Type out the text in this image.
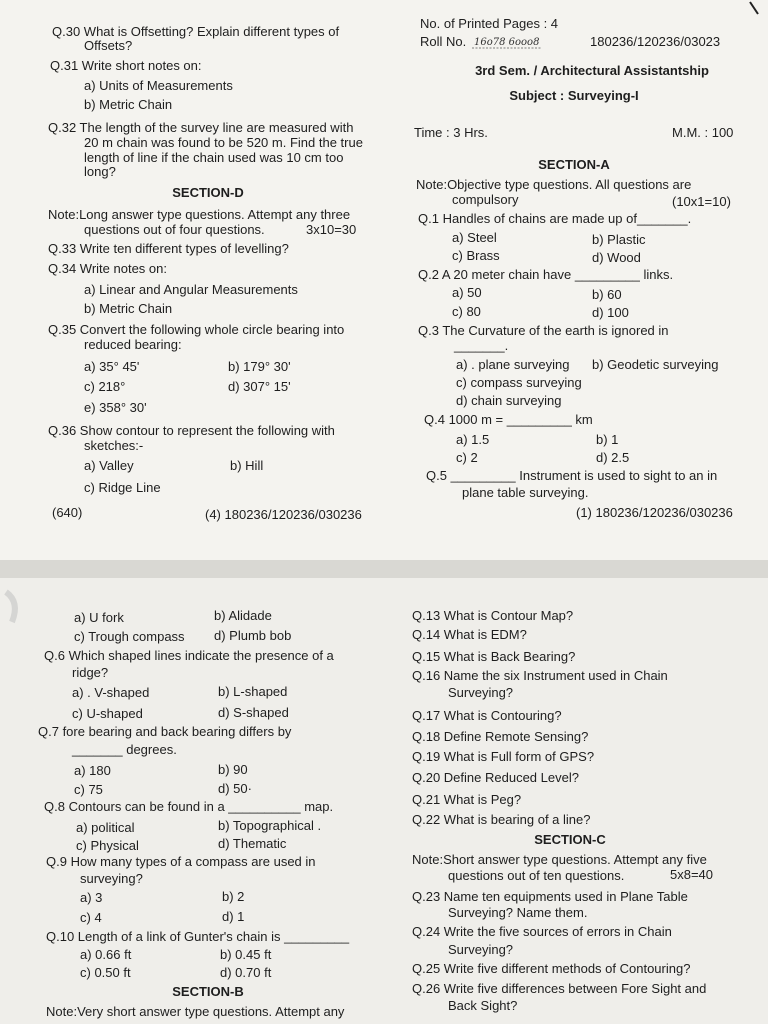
Q.30 What is Offsetting? Explain different types of
Offsets?
Q.31 Write short notes on:
a) Units of Measurements
b) Metric Chain
Q.32 The length of the survey line are measured with
20 m chain was found to be 520 m. Find the true
length of line if the chain used was 10 cm too
long?
SECTION-D
Note:Long answer type questions. Attempt any three
questions out of four questions.	3x10=30
Q.33 Write ten different types of levelling?
Q.34 Write notes on:
a) Linear and Angular Measurements
b) Metric Chain
Q.35 Convert the following whole circle bearing into
reduced bearing:
a) 35° 45'	b) 179° 30'
c) 218°	d) 307° 15'
e) 358° 30'
Q.36 Show contour to represent the following with
sketches:-
a) Valley	b) Hill
c) Ridge Line
(640)	(4) 180236/120236/030236
No. of Printed Pages : 4
Roll No. 16o78 6ooo8	180236/120236/03023
3rd Sem. / Architectural Assistantship
Subject : Surveying-I
Time : 3 Hrs.	M.M. : 100
SECTION-A
Note:Objective type questions. All questions are
compulsory	(10x1=10)
Q.1 Handles of chains are made up of_______.
a) Steel	b) Plastic
c) Brass	d) Wood
Q.2 A 20 meter chain have _________ links.
a) 50	b) 60
c) 80	d) 100
Q.3 The Curvature of the earth is ignored in
_______.
a) . plane surveying b) Geodetic surveying
c) compass surveying
d) chain surveying
Q.4 1000 m = _________ km
a) 1.5	b) 1
c) 2	d) 2.5
Q.5 _________ Instrument is used to sight to an in
plane table surveying.
(1) 180236/120236/030236
a) U fork	b) Alidade
c) Trough compass d) Plumb bob
Q.6 Which shaped lines indicate the presence of a
ridge?
a) . V-shaped	b) L-shaped
c) U-shaped	d) S-shaped
Q.7 fore bearing and back bearing differs by
_______ degrees.
a) 180	b) 90
c) 75	d) 50·
Q.8 Contours can be found in a __________ map.
a) political	b) Topographical .
c) Physical	d) Thematic
Q.9 How many types of a compass are used in
surveying?
a) 3	b) 2
c) 4	d) 1
Q.10 Length of a link of Gunter's chain is _________
a) 0.66 ft	b) 0.45 ft
c) 0.50 ft	d) 0.70 ft
SECTION-B
Note:Very short answer type questions. Attempt any
Q.13 What is Contour Map?
Q.14 What is EDM?
Q.15 What is Back Bearing?
Q.16 Name the six Instrument used in Chain
Surveying?
Q.17 What is Contouring?
Q.18 Define Remote Sensing?
Q.19 What is Full form of GPS?
Q.20 Define Reduced Level?
Q.21 What is Peg?
Q.22 What is bearing of a line?
SECTION-C
Note:Short answer type questions. Attempt any five
questions out of ten questions.	5x8=40
Q.23 Name ten equipments used in Plane Table
Surveying? Name them.
Q.24 Write the five sources of errors in Chain
Surveying?
Q.25 Write five different methods of Contouring?
Q.26 Write five differences between Fore Sight and
Back Sight?
